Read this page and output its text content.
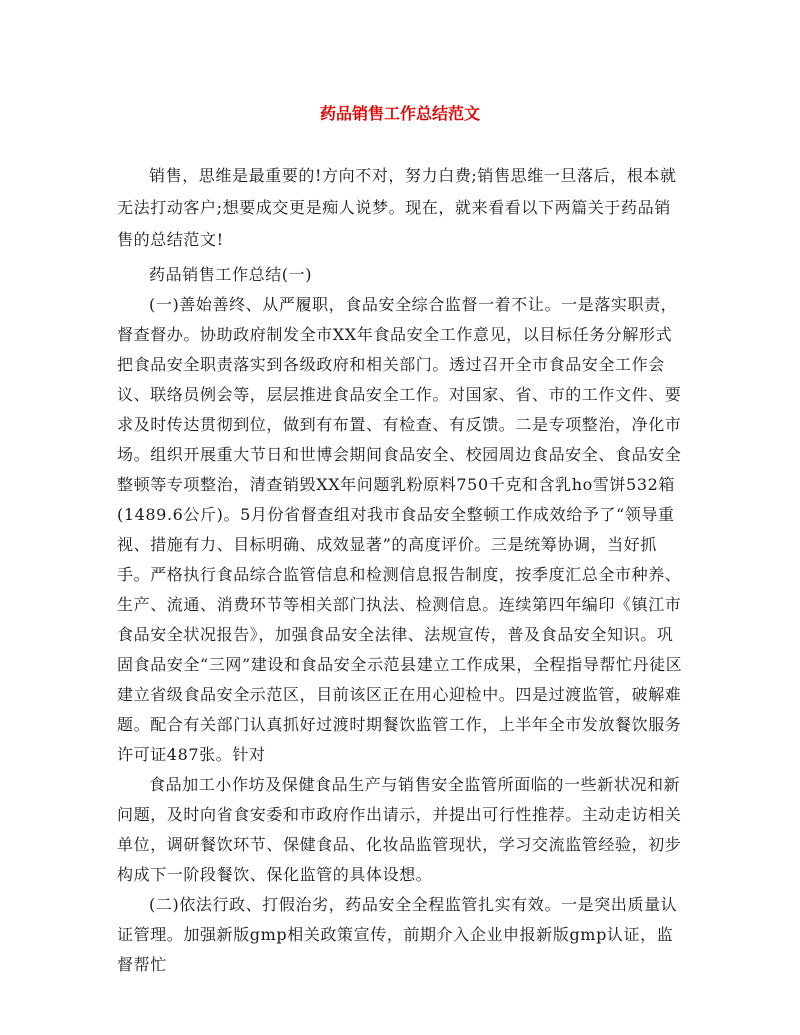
药品销售工作总结范文

销售，思维是最重要的!方向不对，努力白费;销售思维一旦落后，根本就无法打动客户;想要成交更是痴人说梦。现在，就来看看以下两篇关于药品销售的总结范文!

药品销售工作总结(一)

(一)善始善终、从严履职，食品安全综合监督一着不让。一是落实职责，督查督办。协助政府制发全市XX年食品安全工作意见，以目标任务分解形式把食品安全职责落实到各级政府和相关部门。透过召开全市食品安全工作会议、联络员例会等，层层推进食品安全工作。对国家、省、市的工作文件、要求及时传达贯彻到位，做到有布置、有检查、有反馈。二是专项整治，净化市场。组织开展重大节日和世博会期间食品安全、校园周边食品安全、食品安全整顿等专项整治，清查销毁XX年问题乳粉原料750千克和含乳ho雪饼532箱(1489.6公斤)。5月份省督查组对我市食品安全整顿工作成效给予了“领导重视、措施有力、目标明确、成效显著”的高度评价。三是统筹协调，当好抓手。严格执行食品综合监管信息和检测信息报告制度，按季度汇总全市种养、生产、流通、消费环节等相关部门执法、检测信息。连续第四年编印《镇江市食品安全状况报告》，加强食品安全法律、法规宣传，普及食品安全知识。巩固食品安全“三网”建设和食品安全示范县建立工作成果，全程指导帮忙丹徒区建立省级食品安全示范区，目前该区正在用心迎检中。四是过渡监管，破解难题。配合有关部门认真抓好过渡时期餐饮监管工作，上半年全市发放餐饮服务许可证487张。针对

食品加工小作坊及保健食品生产与销售安全监管所面临的一些新状况和新问题，及时向省食安委和市政府作出请示，并提出可行性推荐。主动走访相关单位，调研餐饮环节、保健食品、化妆品监管现状，学习交流监管经验，初步构成下一阶段餐饮、保化监管的具体设想。

(二)依法行政、打假治劣，药品安全全程监管扎实有效。一是突出质量认证管理。加强新版gmp相关政策宣传，前期介入企业申报新版gmp认证，监督帮忙
